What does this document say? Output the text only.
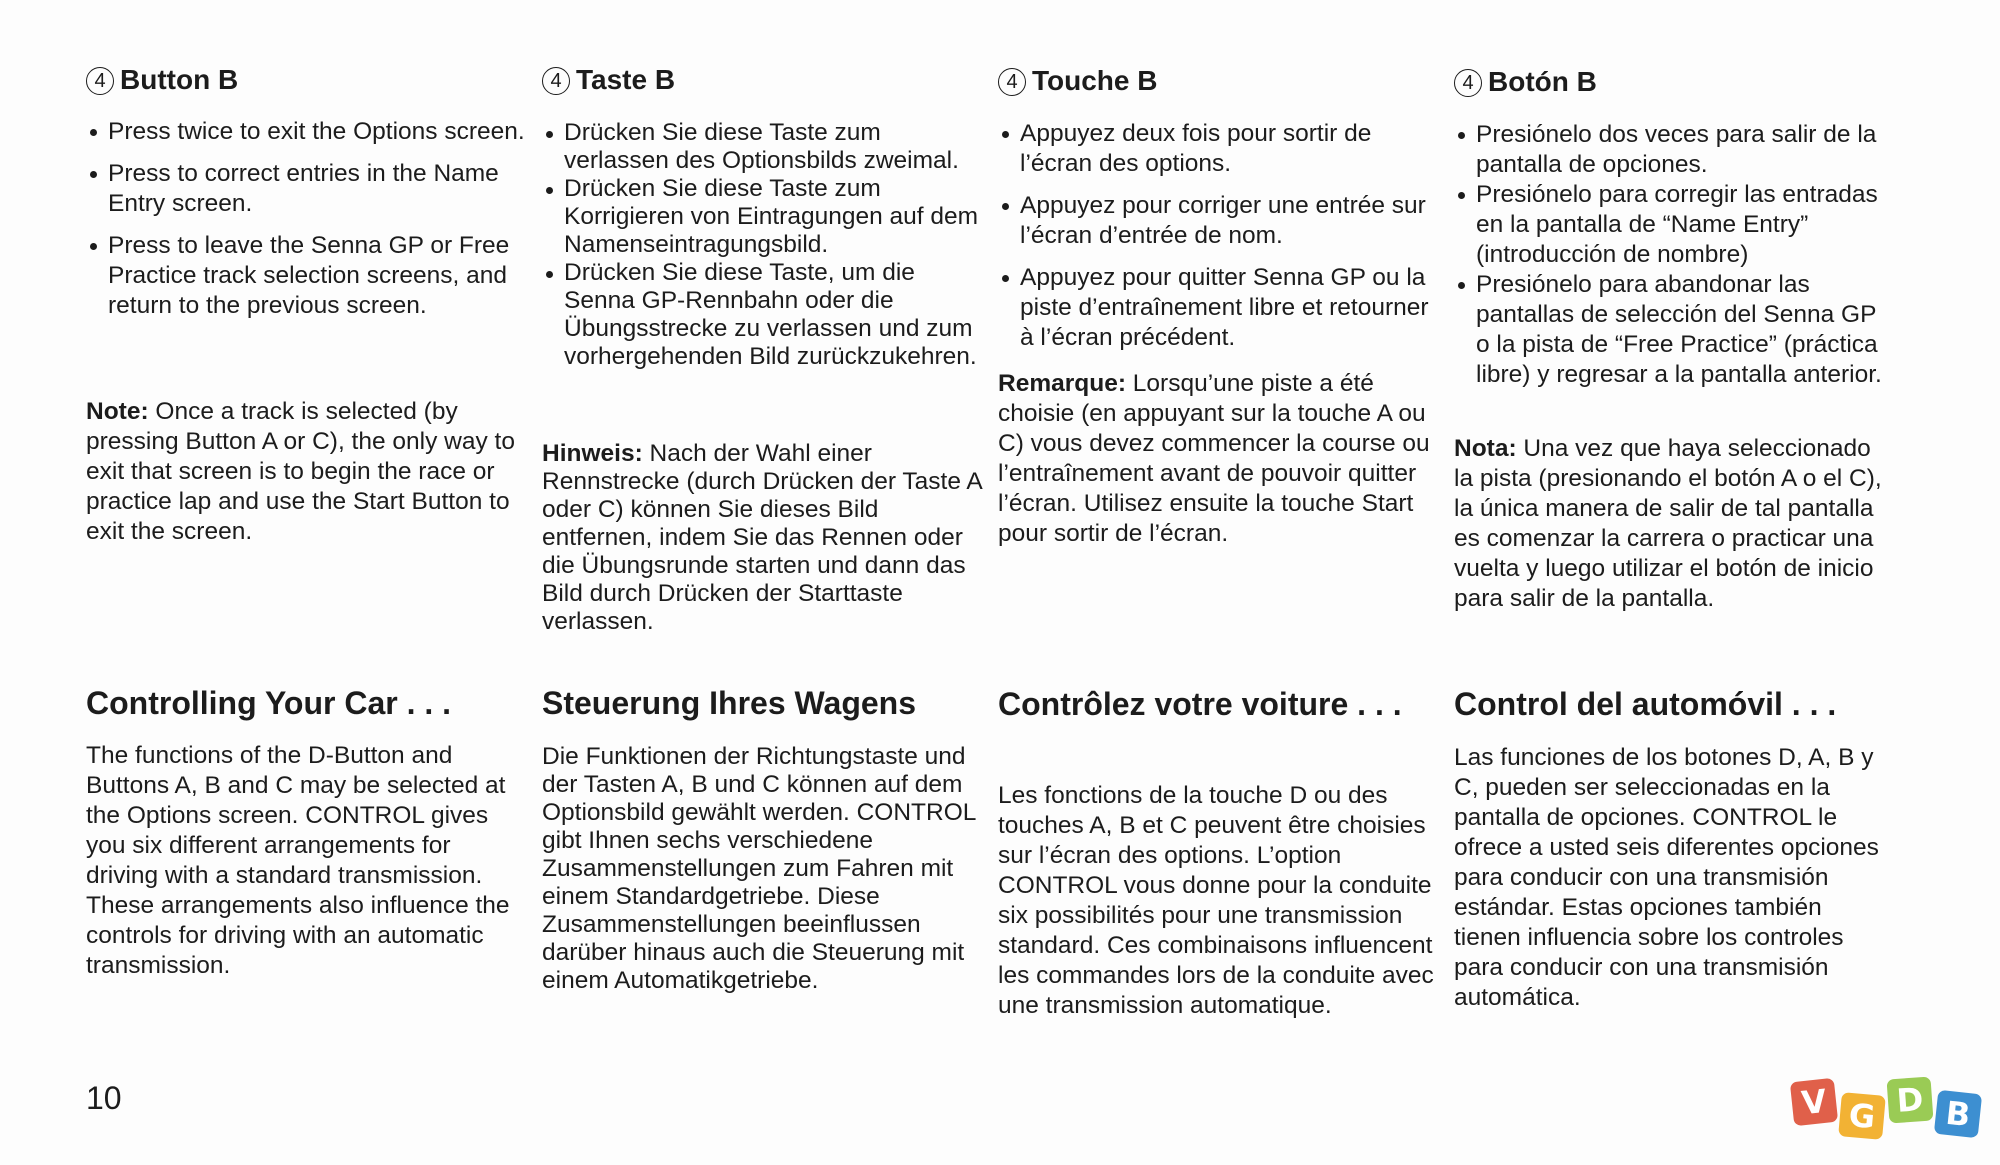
4 Button B
Press twice to exit the Options screen.
Press to correct entries in the Name Entry screen.
Press to leave the Senna GP or Free Practice track selection screens, and return to the previous screen.

Note: Once a track is selected (by pressing Button A or C), the only way to exit that screen is to begin the race or practice lap and use the Start Button to exit the screen.

Controlling Your Car . . .

The functions of the D-Button and Buttons A, B and C may be selected at the Options screen. CONTROL gives you six different arrangements for driving with a standard transmission. These arrangements also influence the controls for driving with an automatic transmission.

4 Taste B
Drücken Sie diese Taste zum verlassen des Optionsbilds zweimal.
Drücken Sie diese Taste zum Korrigieren von Eintragungen auf dem Namenseintragungsbild.
Drücken Sie diese Taste, um die Senna GP-Rennbahn oder die Übungsstrecke zu verlassen und zum vorhergehenden Bild zurückzukehren.

Hinweis: Nach der Wahl einer Rennstrecke (durch Drücken der Taste A oder C) können Sie dieses Bild entfernen, indem Sie das Rennen oder die Übungsrunde starten und dann das Bild durch Drücken der Starttaste verlassen.

Steuerung Ihres Wagens

Die Funktionen der Richtungstaste und der Tasten A, B und C können auf dem Optionsbild gewählt werden. CONTROL gibt Ihnen sechs verschiedene Zusammenstellungen zum Fahren mit einem Standardgetriebe. Diese Zusammenstellungen beeinflussen darüber hinaus auch die Steuerung mit einem Automatikgetriebe.

4 Touche B
Appuyez deux fois pour sortir de l’écran des options.
Appuyez pour corriger une entrée sur l’écran d’entrée de nom.
Appuyez pour quitter Senna GP ou la piste d’entraînement libre et retourner à l’écran précédent.

Remarque: Lorsqu’une piste a été choisie (en appuyant sur la touche A ou C) vous devez commencer la course ou l’entraînement avant de pouvoir quitter l’écran. Utilisez ensuite la touche Start pour sortir de l’écran.

Contrôlez votre voiture . . .

Les fonctions de la touche D ou des touches A, B et C peuvent être choisies sur l’écran des options. L’option CONTROL vous donne pour la conduite six possibilités pour une transmission standard. Ces combinaisons influencent les commandes lors de la conduite avec une transmission automatique.

4 Botón B
Presiónelo dos veces para salir de la pantalla de opciones.
Presiónelo para corregir las entradas en la pantalla de “Name Entry” (introducción de nombre)
Presiónelo para abandonar las pantallas de selección del Senna GP o la pista de “Free Practice” (práctica libre) y regresar a la pantalla anterior.

Nota: Una vez que haya seleccionado la pista (presionando el botón A o el C), la única manera de salir de tal pantalla es comenzar la carrera o practicar una vuelta y luego utilizar el botón de inicio para salir de la pantalla.

Control del automóvil . . .

Las funciones de los botones D, A, B y C, pueden ser seleccionadas en la pantalla de opciones. CONTROL le ofrece a usted seis diferentes opciones para conducir con una transmisión estándar. Estas opciones también tienen influencia sobre los controles para conducir con una transmisión automática.

10	V G D B
